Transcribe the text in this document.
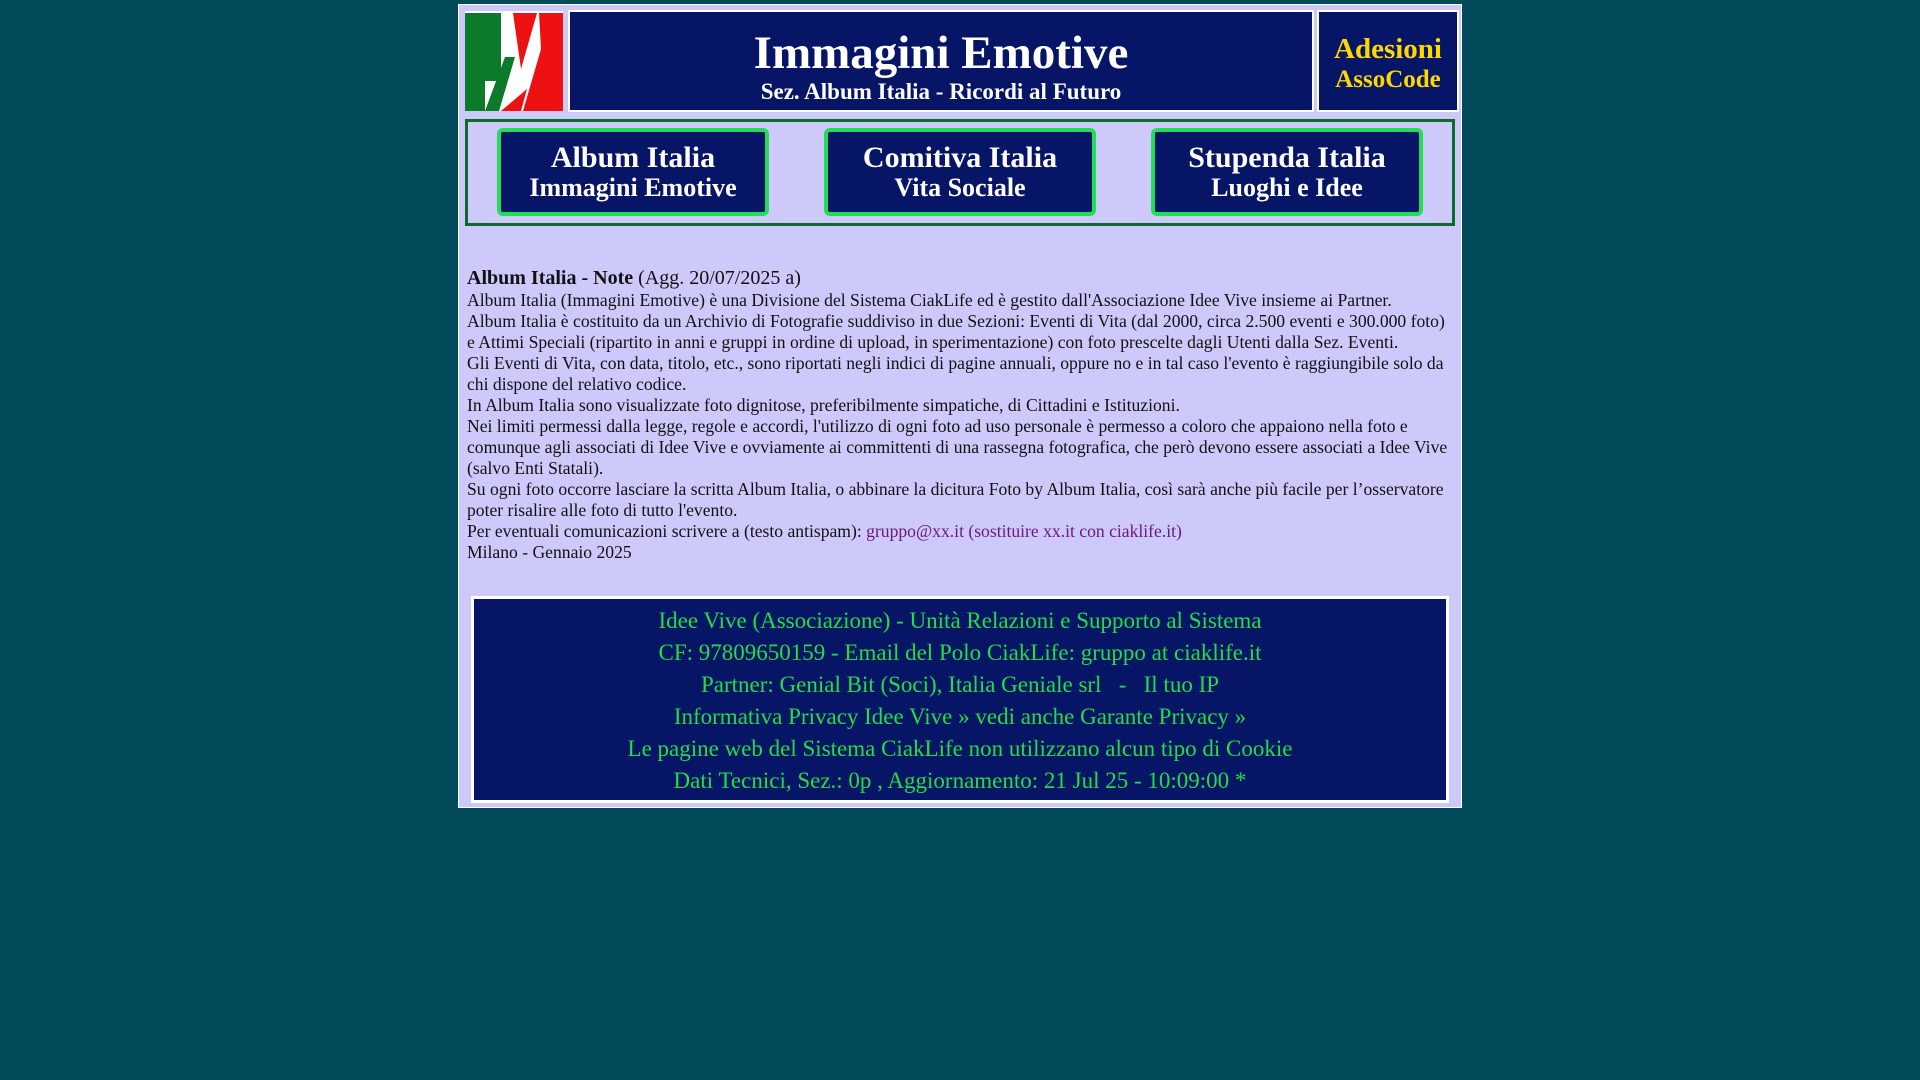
Immagini Emotive
Sez. Album Italia - Ricordi al Futuro
Adesioni
AssoCode
Album Italia
Immagini Emotive
Comitiva Italia
Vita Sociale
Stupenda Italia
Luoghi e Idee
Album Italia - Note (Agg. 20/07/2025 a)

Album Italia (Immagini Emotive) è una Divisione del Sistema CiakLife ed è gestito dall'Associazione Idee Vive insieme ai Partner.

Album Italia è costituito da un Archivio di Fotografie suddiviso in due Sezioni: Eventi di Vita (dal 2000, circa 2.500 eventi e 300.000 foto) e Attimi Speciali (ripartito in anni e gruppi in ordine di upload, in sperimentazione) con foto prescelte dagli Utenti dalla Sez. Eventi.

Gli Eventi di Vita, con data, titolo, etc., sono riportati negli indici di pagine annuali, oppure no e in tal caso l'evento è raggiungibile solo da chi dispone del relativo codice.

In Album Italia sono visualizzate foto dignitose, preferibilmente simpatiche, di Cittadini e Istituzioni.

Nei limiti permessi dalla legge, regole e accordi, l'utilizzo di ogni foto ad uso personale è permesso a coloro che appaiono nella foto e comunque agli associati di Idee Vive e ovviamente ai committenti di una rassegna fotografica, che però devono essere associati a Idee Vive (salvo Enti Statali).

Su ogni foto occorre lasciare la scritta Album Italia, o abbinare la dicitura Foto by Album Italia, così sarà anche più facile per l’osservatore poter risalire alle foto di tutto l'evento.

Per eventuali comunicazioni scrivere a (testo antispam): gruppo@xx.it (sostituire xx.it con ciaklife.it)

Milano - Gennaio 2025

Idee Vive (Associazione) - Unità Relazioni e Supporto al Sistema
CF: 97809650159 - Email del Polo CiakLife: gruppo at ciaklife.it
Partner: Genial Bit (Soci), Italia Geniale srl   -   Il tuo IP
Informativa Privacy Idee Vive » vedi anche Garante Privacy »
Le pagine web del Sistema CiakLife non utilizzano alcun tipo di Cookie
Dati Tecnici, Sez.: 0p , Aggiornamento: 21 Jul 25 - 10:09:00 *
